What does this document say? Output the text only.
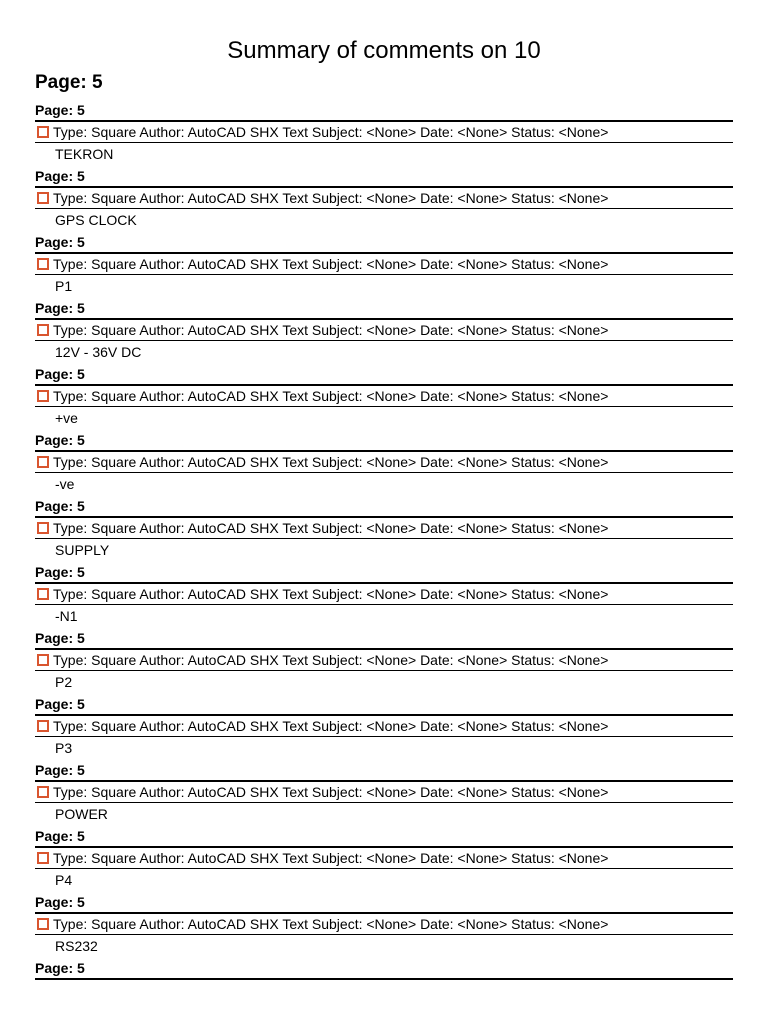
Summary of comments on 10
Page: 5
Page: 5
Type: Square Author: AutoCAD SHX Text Subject: <None> Date: <None> Status: <None>
TEKRON
Page: 5
Type: Square Author: AutoCAD SHX Text Subject: <None> Date: <None> Status: <None>
GPS CLOCK
Page: 5
Type: Square Author: AutoCAD SHX Text Subject: <None> Date: <None> Status: <None>
P1
Page: 5
Type: Square Author: AutoCAD SHX Text Subject: <None> Date: <None> Status: <None>
12V - 36V DC
Page: 5
Type: Square Author: AutoCAD SHX Text Subject: <None> Date: <None> Status: <None>
+ve
Page: 5
Type: Square Author: AutoCAD SHX Text Subject: <None> Date: <None> Status: <None>
-ve
Page: 5
Type: Square Author: AutoCAD SHX Text Subject: <None> Date: <None> Status: <None>
SUPPLY
Page: 5
Type: Square Author: AutoCAD SHX Text Subject: <None> Date: <None> Status: <None>
-N1
Page: 5
Type: Square Author: AutoCAD SHX Text Subject: <None> Date: <None> Status: <None>
P2
Page: 5
Type: Square Author: AutoCAD SHX Text Subject: <None> Date: <None> Status: <None>
P3
Page: 5
Type: Square Author: AutoCAD SHX Text Subject: <None> Date: <None> Status: <None>
POWER
Page: 5
Type: Square Author: AutoCAD SHX Text Subject: <None> Date: <None> Status: <None>
P4
Page: 5
Type: Square Author: AutoCAD SHX Text Subject: <None> Date: <None> Status: <None>
RS232
Page: 5
